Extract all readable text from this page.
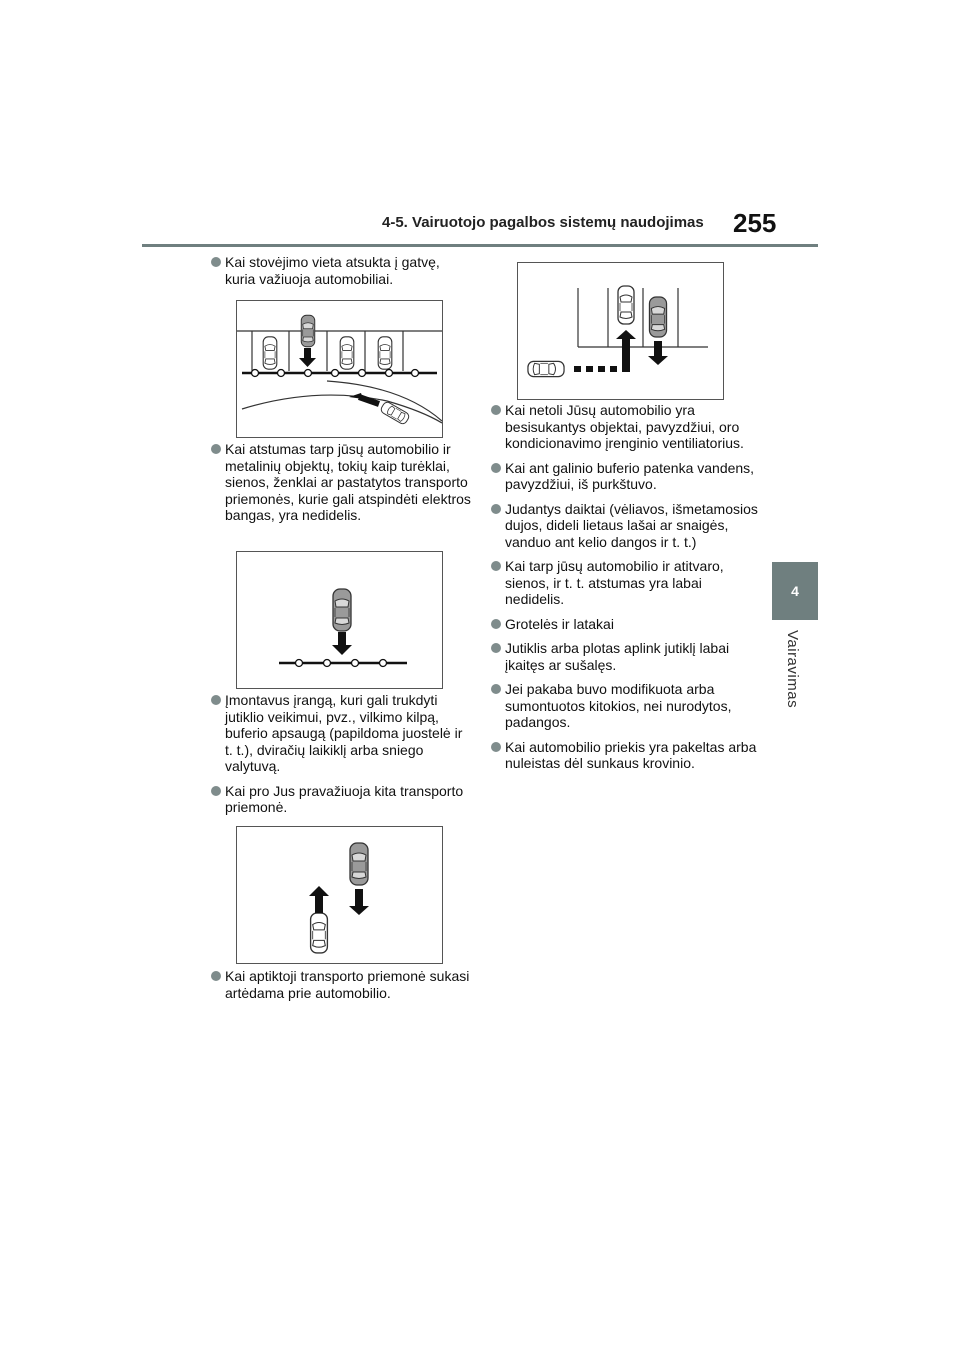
4-5. Vairuotojo pagalbos sistemų naudojimas 255
4
Vairavimas
Kai stovėjimo vieta atsukta į gatvę, kuria važiuoja automobiliai.
Kai atstumas tarp jūsų automobilio ir metalinių objektų, tokių kaip turėklai, sienos, ženklai ar pastatytos transporto priemonės, kurie gali atspindėti elektros bangas, yra nedidelis.
Įmontavus įrangą, kuri gali trukdyti jutiklio veikimui, pvz., vilkimo kilpą, buferio apsaugą (papildoma juostelė ir t. t.), dviračių laikiklį arba sniego valytuvą.
Kai pro Jus pravažiuoja kita transporto priemonė.
Kai aptiktoji transporto priemonė sukasi artėdama prie automobilio.
Kai netoli Jūsų automobilio yra besisukantys objektai, pavyzdžiui, oro kondicionavimo įrenginio ventiliatorius.
Kai ant galinio buferio patenka vandens, pavyzdžiui, iš purkštuvo.
Judantys daiktai (vėliavos, išmetamosios dujos, dideli lietaus lašai ar snaigės, vanduo ant kelio dangos ir t. t.)
Kai tarp jūsų automobilio ir atitvaro, sienos, ir t. t. atstumas yra labai nedidelis.
Grotelės ir latakai
Jutiklis arba plotas aplink jutiklį labai įkaitęs ar sušalęs.
Jei pakaba buvo modifikuota arba sumontuotos kitokios, nei nurodytos, padangos.
Kai automobilio priekis yra pakeltas arba nuleistas dėl sunkaus krovinio.
